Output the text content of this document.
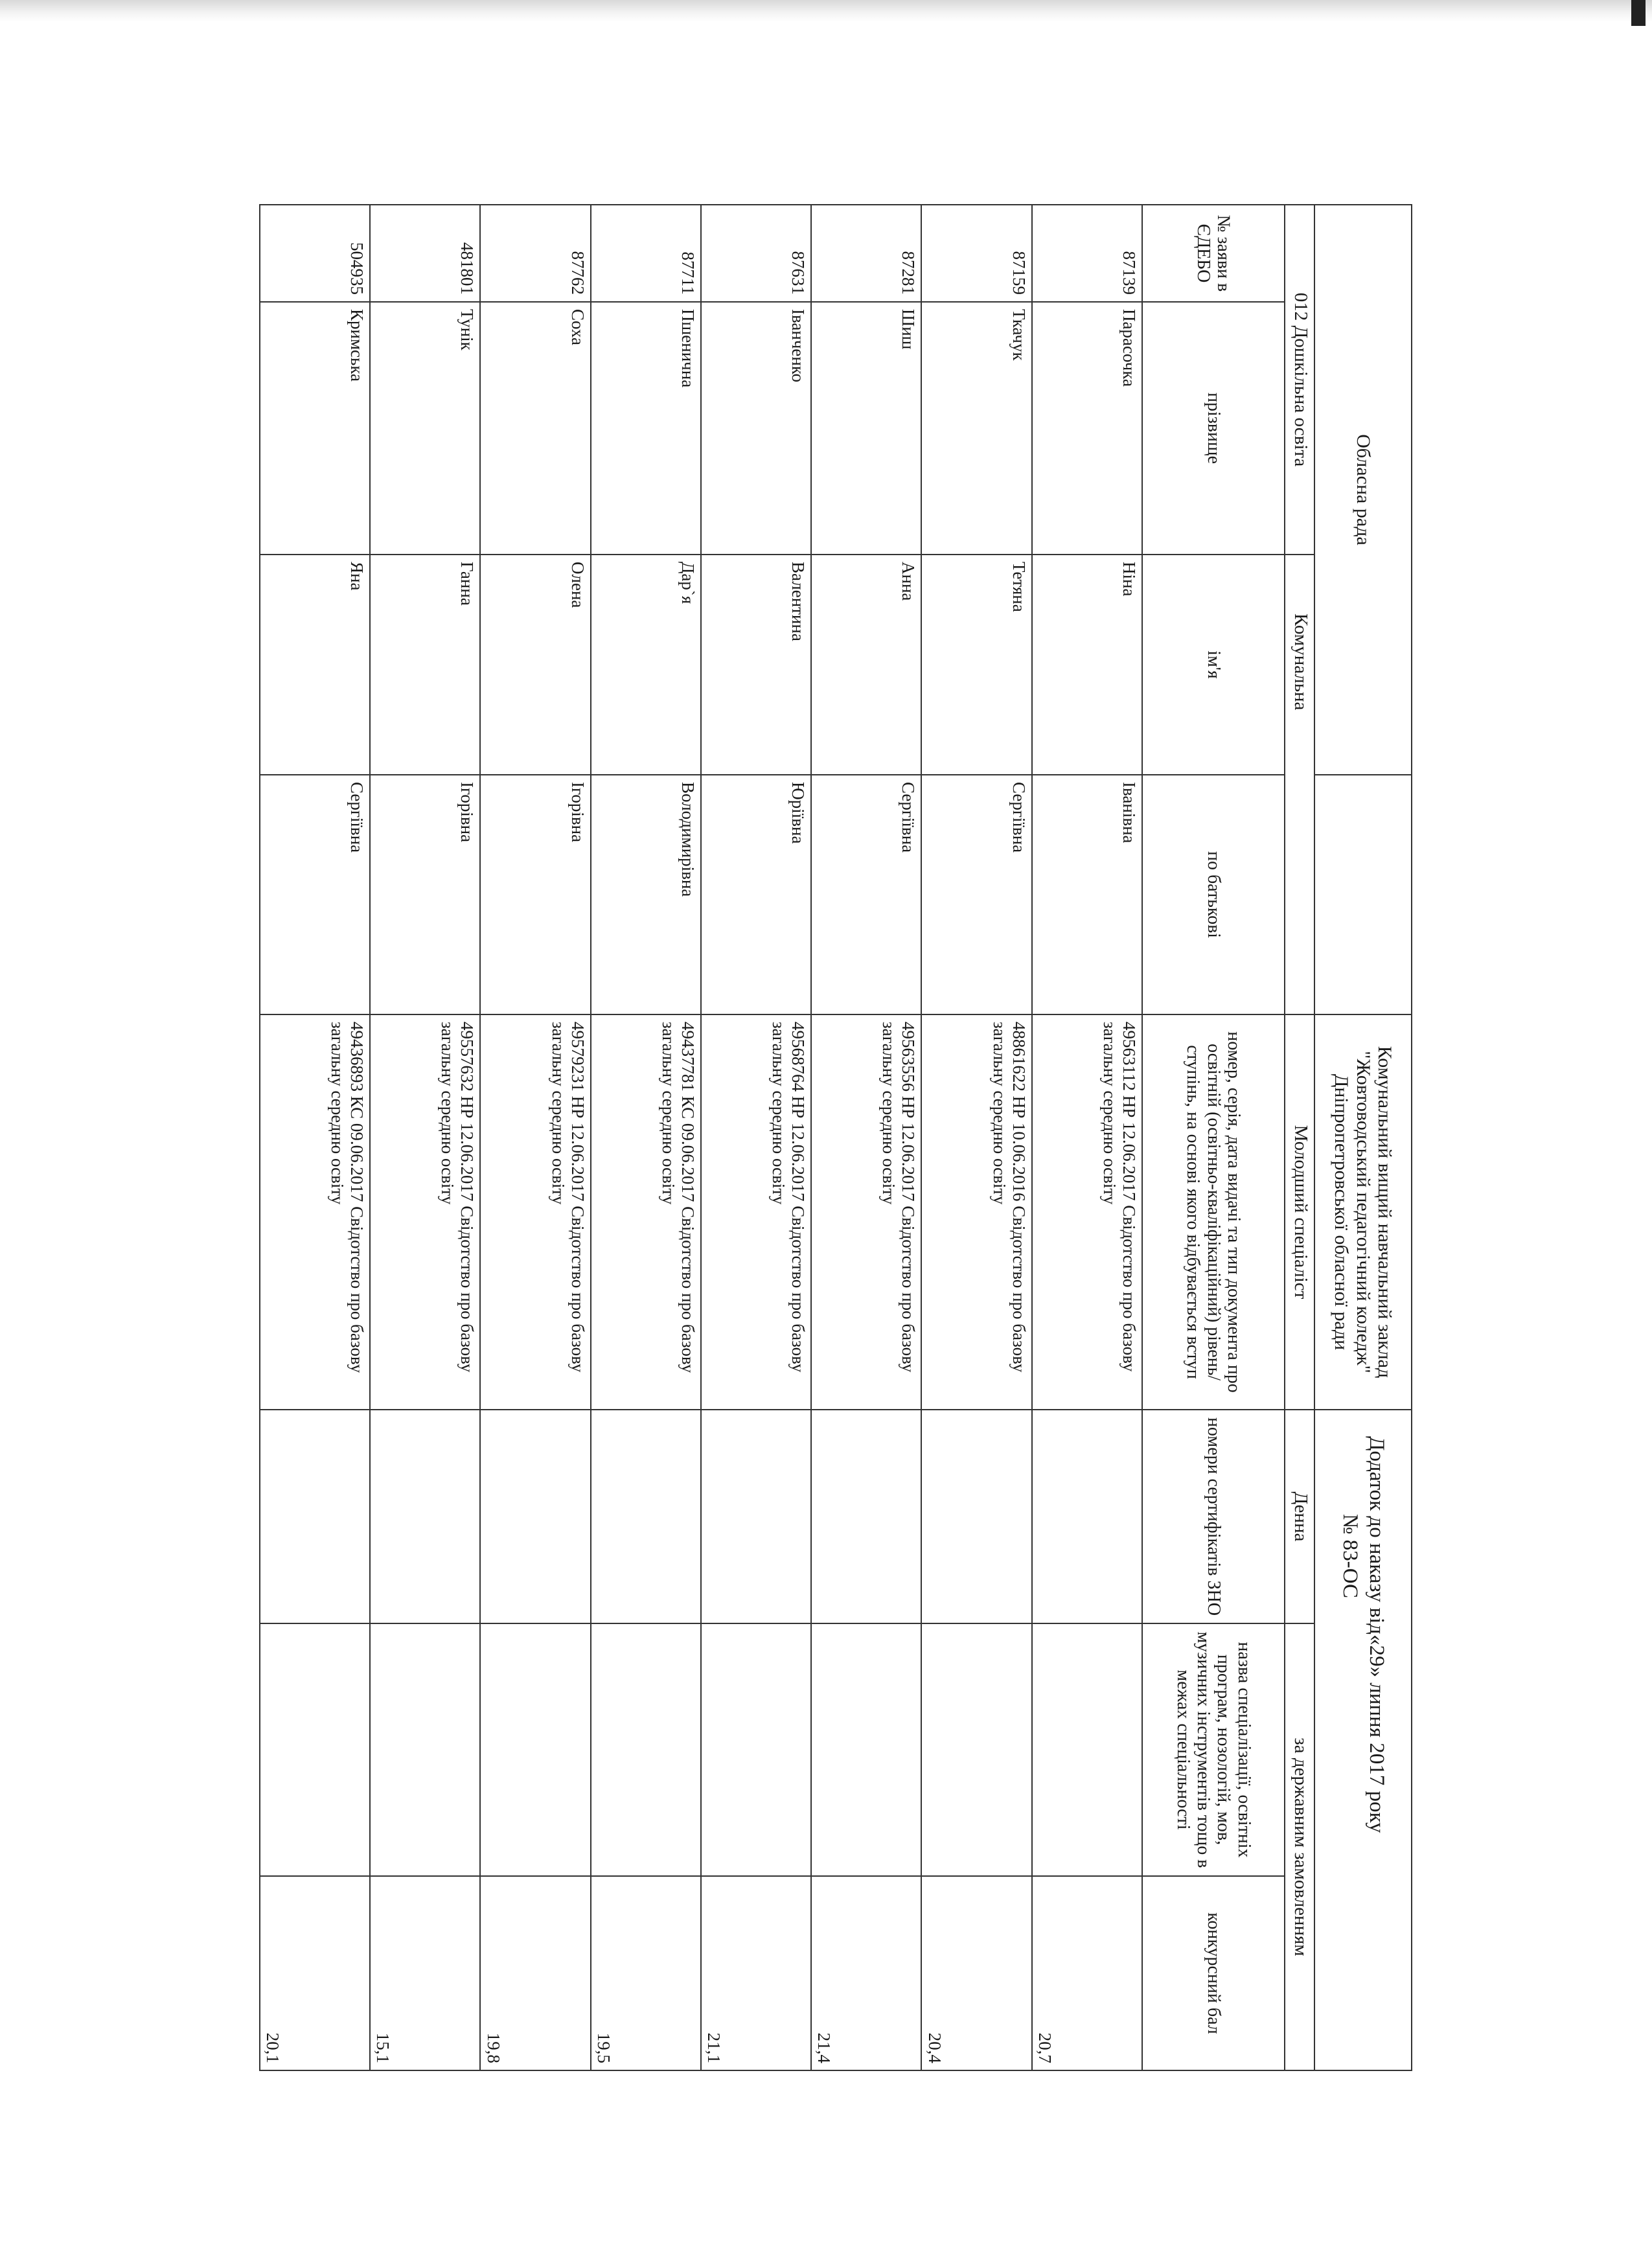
Обласна рада				Комунальний вищий навчальний заклад "Жовтоводський педагогічний коледж" Дніпропетровської обласної ради	Додаток до наказу від«29» липня 2017 року
№ 83-ОС		

012 Дошкільна освіта		Комунальна		Молодший спеціаліст	Денна	за державним замовленням	
№ заяви в ЄДЕБО	прізвище	ім'я	по батькові	номер, серія, дата видачі та тип документа про освітній (освітньо-кваліфікаційний) рівень/ступінь, на основі якого відбувається вступ	номери сертифікатів ЗНО	назва спеціалізації, освітніх програм, нозологій, мов, музичних інструментів тощо в межах спеціальності	конкурсний бал
87139	Парасочка	Ніна	Іванівна	49563112 НР 12.06.2017 Свідотство про базову загальну середню освіту			20,7
87159	Ткачук	Тетяна	Сергіївна	48861622 НР 10.06.2016 Свідотство про базову загальну середню освіту			20,4
87281	Шиш	Анна	Сергіївна	49563556 НР 12.06.2017 Свідотство про базову загальну середню освіту			21,4
87631	Іванченко	Валентина	Юріївна	49568764 НР 12.06.2017 Свідотство про базову загальну середню освіту			21,1
87711	Пшенична	Дар`я	Володимирівна	49437781 КС 09.06.2017 Свідотство про базову загальну середню освіту			19,5
87762	Соха	Олена	Ігорівна	49579231 НР 12.06.2017 Свідотство про базову загальну середню освіту			19,8
481801	Тунік	Ганна	Ігорівна	49557632 НР 12.06.2017 Свідотство про базову загальну середню освіту			15,1
504935	Кримська	Яна	Сергіївна	49436893 КС 09.06.2017 Свідотство про базову загальну середню освіту			20,1
